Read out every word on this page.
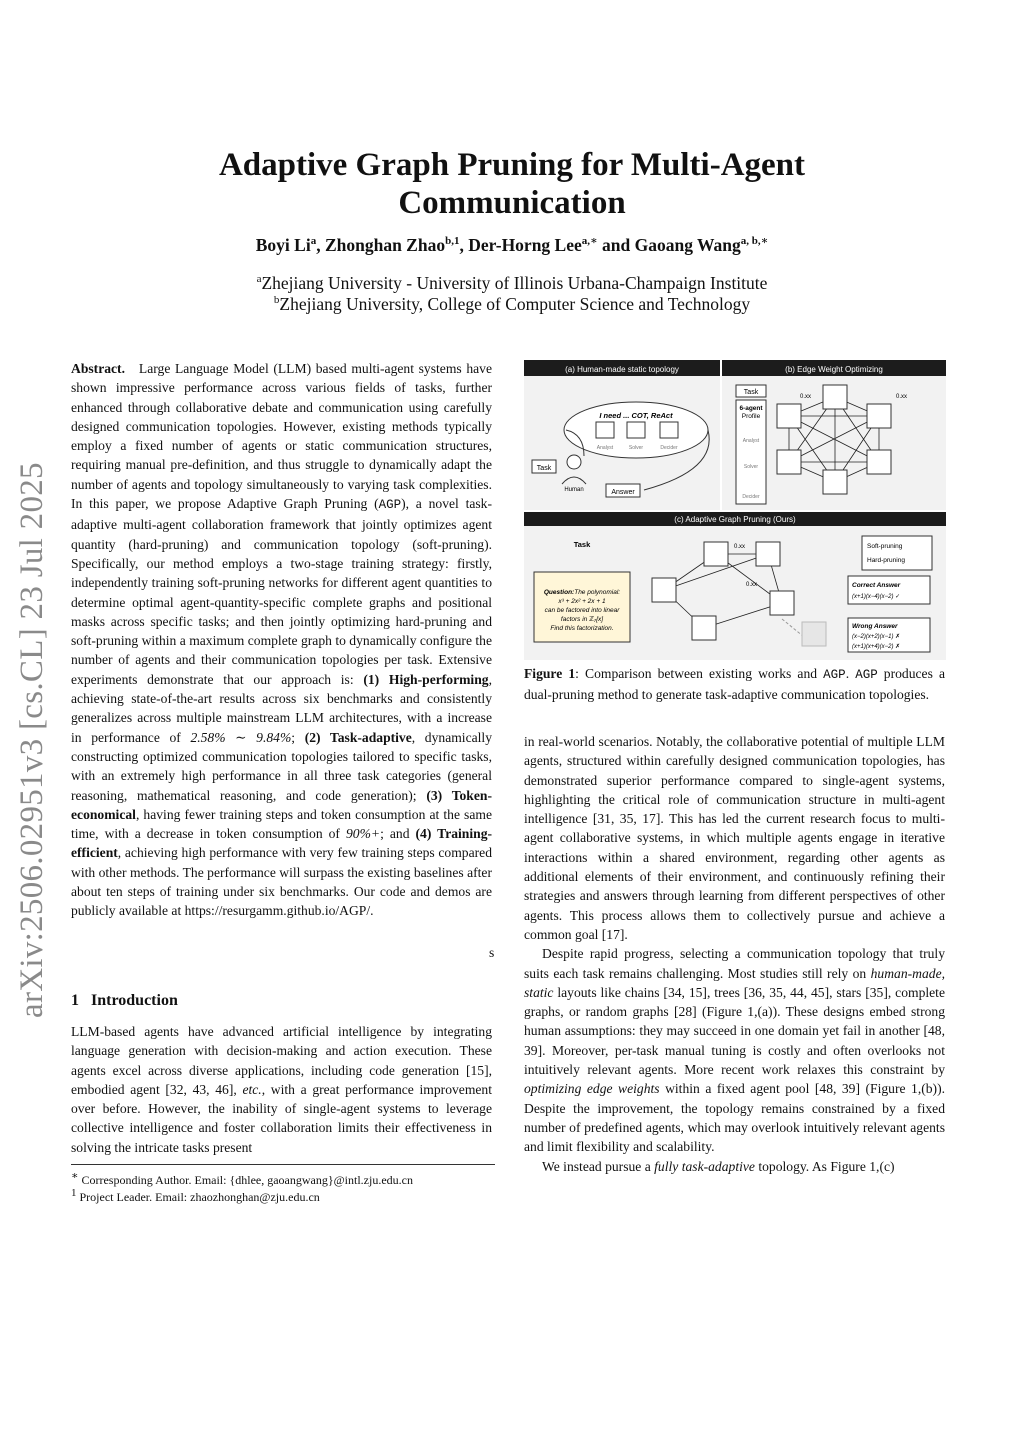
arXiv:2506.02951v3 [cs.CL] 23 Jul 2025
Adaptive Graph Pruning for Multi-Agent
Communication
Boyi Li$^a$, Zhonghan Zhao$^{b,1}$, Der-Horng Lee$^{a,∗}$ and Gaoang Wang$^{a, b,∗}$
$^a$Zhejiang University - University of Illinois Urbana-Champaign Institute
$^b$Zhejiang University, College of Computer Science and Technology

Abstract. Large Language Model (LLM) based multi-agent systems have shown impressive performance across various fields of tasks, further enhanced through collaborative debate and communication using carefully designed communication topologies. However, existing methods typically employ a fixed number of agents or static communication structures, requiring manual pre-definition, and thus struggle to dynamically adapt the number of agents and topology simultaneously to varying task complexities. In this paper, we propose Adaptive Graph Pruning (AGP), a novel task-adaptive multi-agent collaboration framework that jointly optimizes agent quantity (hard-pruning) and communication topology (soft-pruning). Specifically, our method employs a two-stage training strategy: firstly, independently training soft-pruning networks for different agent quantities to determine optimal agent-quantity-specific complete graphs and positional masks across specific tasks; and then jointly optimizing hard-pruning and soft-pruning within a maximum complete graph to dynamically configure the number of agents and their communication topologies per task. Extensive experiments demonstrate that our approach is: (1) High-performing, achieving state-of-the-art results across six benchmarks and consistently generalizes across multiple mainstream LLM architectures, with a increase in performance of 2.58% ∼ 9.84%; (2) Task-adaptive, dynamically constructing optimized communication topologies tailored to specific tasks, with an extremely high performance in all three task categories (general reasoning, mathematical reasoning, and code generation); (3) Token-economical, having fewer training steps and token consumption at the same time, with a decrease in token consumption of 90%+; and (4) Training-efficient, achieving high performance with very few training steps compared with other methods. The performance will surpass the existing baselines after about ten steps of training under six benchmarks. Our code and demos are publicly available at https://resurgamm.github.io/AGP/.

s
1 Introduction

LLM-based agents have advanced artificial intelligence by integrating language generation with decision-making and action execution. These agents excel across diverse applications, including code generation [15], embodied agent [32, 43, 46], etc., with a great performance improvement over before. However, the inability of single-agent systems to leverage collective intelligence and foster collaboration limits their effectiveness in solving the intricate tasks present

∗ Corresponding Author. Email: {dhlee, gaoangwang}@intl.zju.edu.cn
$^1$ Project Leader. Email: zhaozhonghan@zju.edu.cn
(a) Human-made static topology	(b) Edge Weight Optimizing
(c) Adaptive Graph Pruning (Ours)
I need ... COT, ReAct
Analyst	Solver	Decider
Task
Human	Answer
Task
6-agent
Profile
Analyst
Solver
Decider
0.xx	0.xx
Task
Question:The polynomial:
x³ + 2x² + 2x + 1
can be factored into linear
factors in ℤ₇[x]
Find this factorization.
0.xx
0.xx
Soft-pruning
Hard-pruning
Correct Answer
(x+1)(x−4)(x−2) ✓
Wrong Answer
(x−2)(x+2)(x−1) ✗
(x+1)(x+4)(x−2) ✗

Figure 1: Comparison between existing works and AGP. AGP produces a dual-pruning method to generate task-adaptive communication topologies.

in real-world scenarios. Notably, the collaborative potential of multiple LLM agents, structured within carefully designed communication topologies, has demonstrated superior performance compared to single-agent systems, highlighting the critical role of communication structure in multi-agent intelligence [31, 35, 17]. This has led the current research focus to multi-agent collaborative systems, in which multiple agents engage in iterative interactions within a shared environment, regarding other agents as additional elements of their environment, and continuously refining their strategies and answers through learning from different perspectives of other agents. This process allows them to collectively pursue and achieve a common goal [17].

Despite rapid progress, selecting a communication topology that truly suits each task remains challenging. Most studies still rely on human-made, static layouts like chains [34, 15], trees [36, 35, 44, 45], stars [35], complete graphs, or random graphs [28] (Figure 1,(a)). These designs embed strong human assumptions: they may succeed in one domain yet fail in another [48, 39]. Moreover, per-task manual tuning is costly and often overlooks not intuitively relevant agents. More recent work relaxes this constraint by optimizing edge weights within a fixed agent pool [48, 39] (Figure 1,(b)). Despite the improvement, the topology remains constrained by a fixed number of predefined agents, which may overlook intuitively relevant agents and limit flexibility and scalability.

We instead pursue a fully task-adaptive topology. As Figure 1,(c)
